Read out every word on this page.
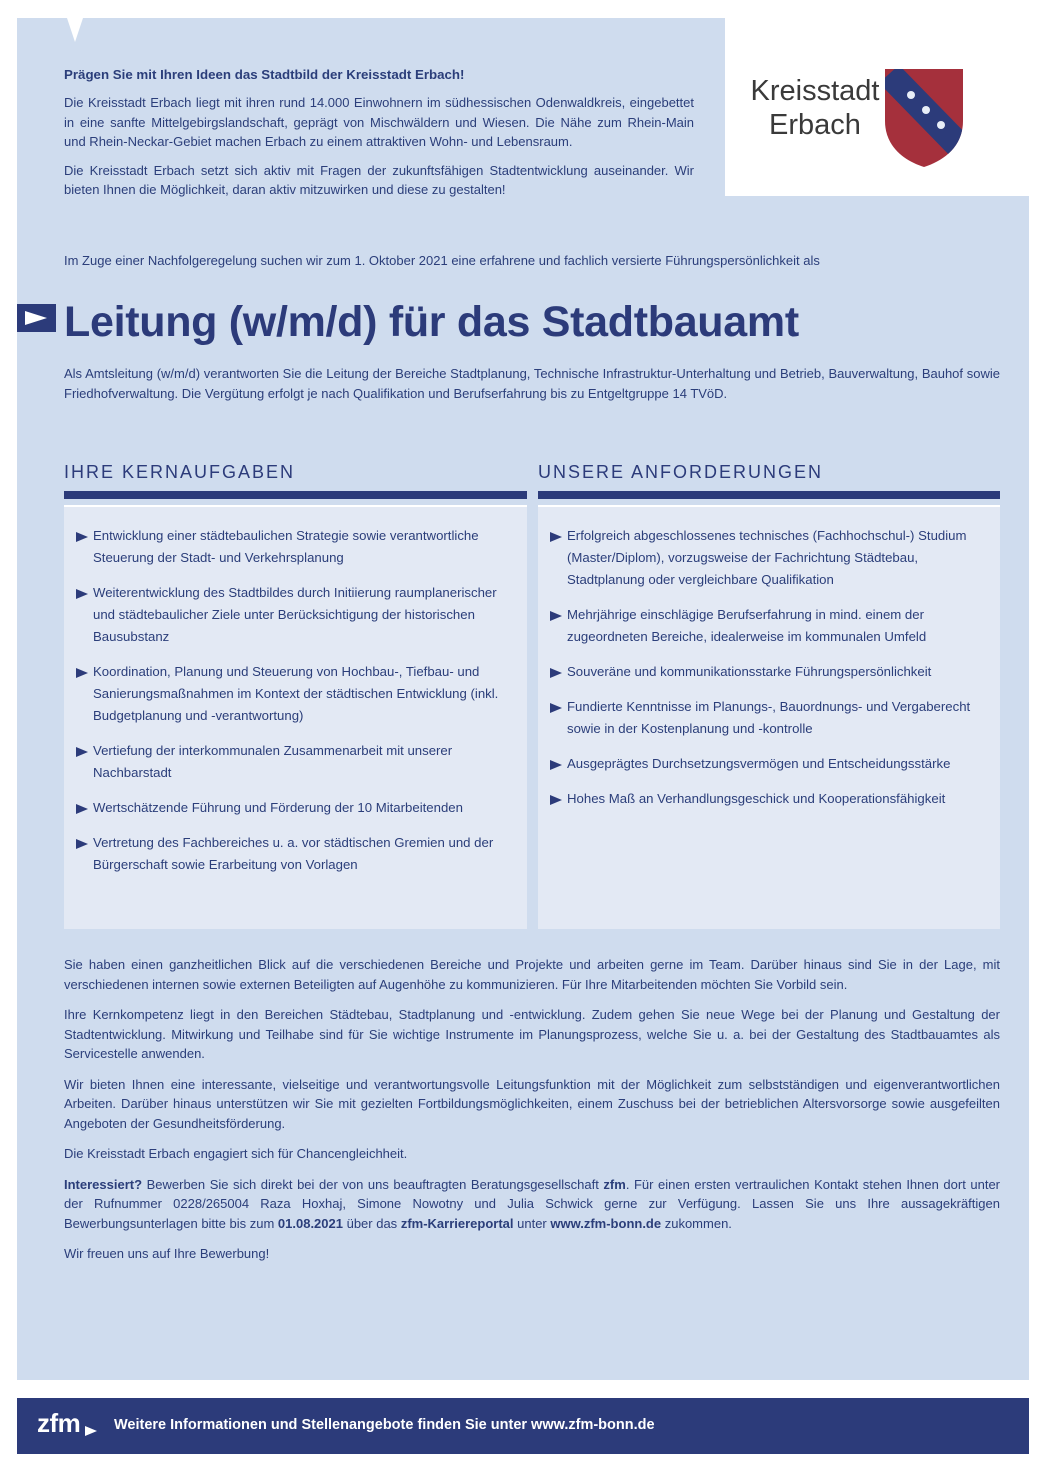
Kreisstadt
Erbach
Prägen Sie mit Ihren Ideen das Stadtbild der Kreisstadt Erbach!

Die Kreisstadt Erbach liegt mit ihren rund 14.000 Einwohnern im südhessischen Odenwaldkreis, eingebettet in eine sanfte Mittelgebirgslandschaft, geprägt von Mischwäldern und Wiesen. Die Nähe zum Rhein-Main und Rhein-Neckar-Gebiet machen Erbach zu einem attraktiven Wohn- und Lebensraum.

Die Kreisstadt Erbach setzt sich aktiv mit Fragen der zukunftsfähigen Stadtentwicklung auseinander. Wir bieten Ihnen die Möglichkeit, daran aktiv mitzuwirken und diese zu gestalten!

Im Zuge einer Nachfolgeregelung suchen wir zum 1. Oktober 2021 eine erfahrene und fachlich versierte Führungspersönlichkeit als

Leitung (w/m/d) für das Stadtbauamt

Als Amtsleitung (w/m/d) verantworten Sie die Leitung der Bereiche Stadtplanung, Technische Infrastruktur-Unterhaltung und Betrieb, Bauverwaltung, Bauhof sowie Friedhofverwaltung. Die Vergütung erfolgt je nach Qualifikation und Berufserfahrung bis zu Entgeltgruppe 14 TVöD.

IHRE KERNAUFGABEN
Entwicklung einer städtebaulichen Strategie sowie verantwortliche Steuerung der Stadt- und Verkehrsplanung
Weiterentwicklung des Stadtbildes durch Initiierung raumplanerischer und städtebaulicher Ziele unter Berücksichtigung der historischen Bausubstanz
Koordination, Planung und Steuerung von Hochbau-, Tiefbau- und Sanierungsmaßnahmen im Kontext der städtischen Entwicklung (inkl. Budgetplanung und -verantwortung)
Vertiefung der interkommunalen Zusammenarbeit mit unserer Nachbarstadt
Wertschätzende Führung und Förderung der 10 Mitarbeitenden
Vertretung des Fachbereiches u. a. vor städtischen Gremien und der Bürgerschaft sowie Erarbeitung von Vorlagen
UNSERE ANFORDERUNGEN
Erfolgreich abgeschlossenes technisches (Fachhochschul-) Studium (Master/Diplom), vorzugsweise der Fachrichtung Städtebau, Stadtplanung oder vergleichbare Qualifikation
Mehrjährige einschlägige Berufserfahrung in mind. einem der zugeordneten Bereiche, idealerweise im kommunalen Umfeld
Souveräne und kommunikationsstarke Führungspersönlichkeit
Fundierte Kenntnisse im Planungs-, Bauordnungs- und Vergaberecht sowie in der Kostenplanung und -kontrolle
Ausgeprägtes Durchsetzungsvermögen und Entscheidungsstärke
Hohes Maß an Verhandlungsgeschick und Kooperationsfähigkeit

Sie haben einen ganzheitlichen Blick auf die verschiedenen Bereiche und Projekte und arbeiten gerne im Team. Darüber hinaus sind Sie in der Lage, mit verschiedenen internen sowie externen Beteiligten auf Augenhöhe zu kommunizieren. Für Ihre Mitarbeitenden möchten Sie Vorbild sein.

Ihre Kernkompetenz liegt in den Bereichen Städtebau, Stadtplanung und -entwicklung. Zudem gehen Sie neue Wege bei der Planung und Gestaltung der Stadtentwicklung. Mitwirkung und Teilhabe sind für Sie wichtige Instrumente im Planungsprozess, welche Sie u. a. bei der Gestaltung des Stadtbauamtes als Servicestelle anwenden.

Wir bieten Ihnen eine interessante, vielseitige und verantwortungsvolle Leitungsfunktion mit der Möglichkeit zum selbstständigen und eigenverantwortlichen Arbeiten. Darüber hinaus unterstützen wir Sie mit gezielten Fortbildungsmöglichkeiten, einem Zuschuss bei der betrieblichen Altersvorsorge sowie ausgefeilten Angeboten der Gesundheitsförderung.

Die Kreisstadt Erbach engagiert sich für Chancengleichheit.

Interessiert? Bewerben Sie sich direkt bei der von uns beauftragten Beratungsgesellschaft zfm. Für einen ersten vertraulichen Kontakt stehen Ihnen dort unter der Rufnummer 0228/265004 Raza Hoxhaj, Simone Nowotny und Julia Schwick gerne zur Verfügung. Lassen Sie uns Ihre aussagekräftigen Bewerbungsunterlagen bitte bis zum 01.08.2021 über das zfm-Karriereportal unter www.zfm-bonn.de zukommen.

Wir freuen uns auf Ihre Bewerbung!

zfm Weitere Informationen und Stellenangebote finden Sie unter www.zfm-bonn.de
